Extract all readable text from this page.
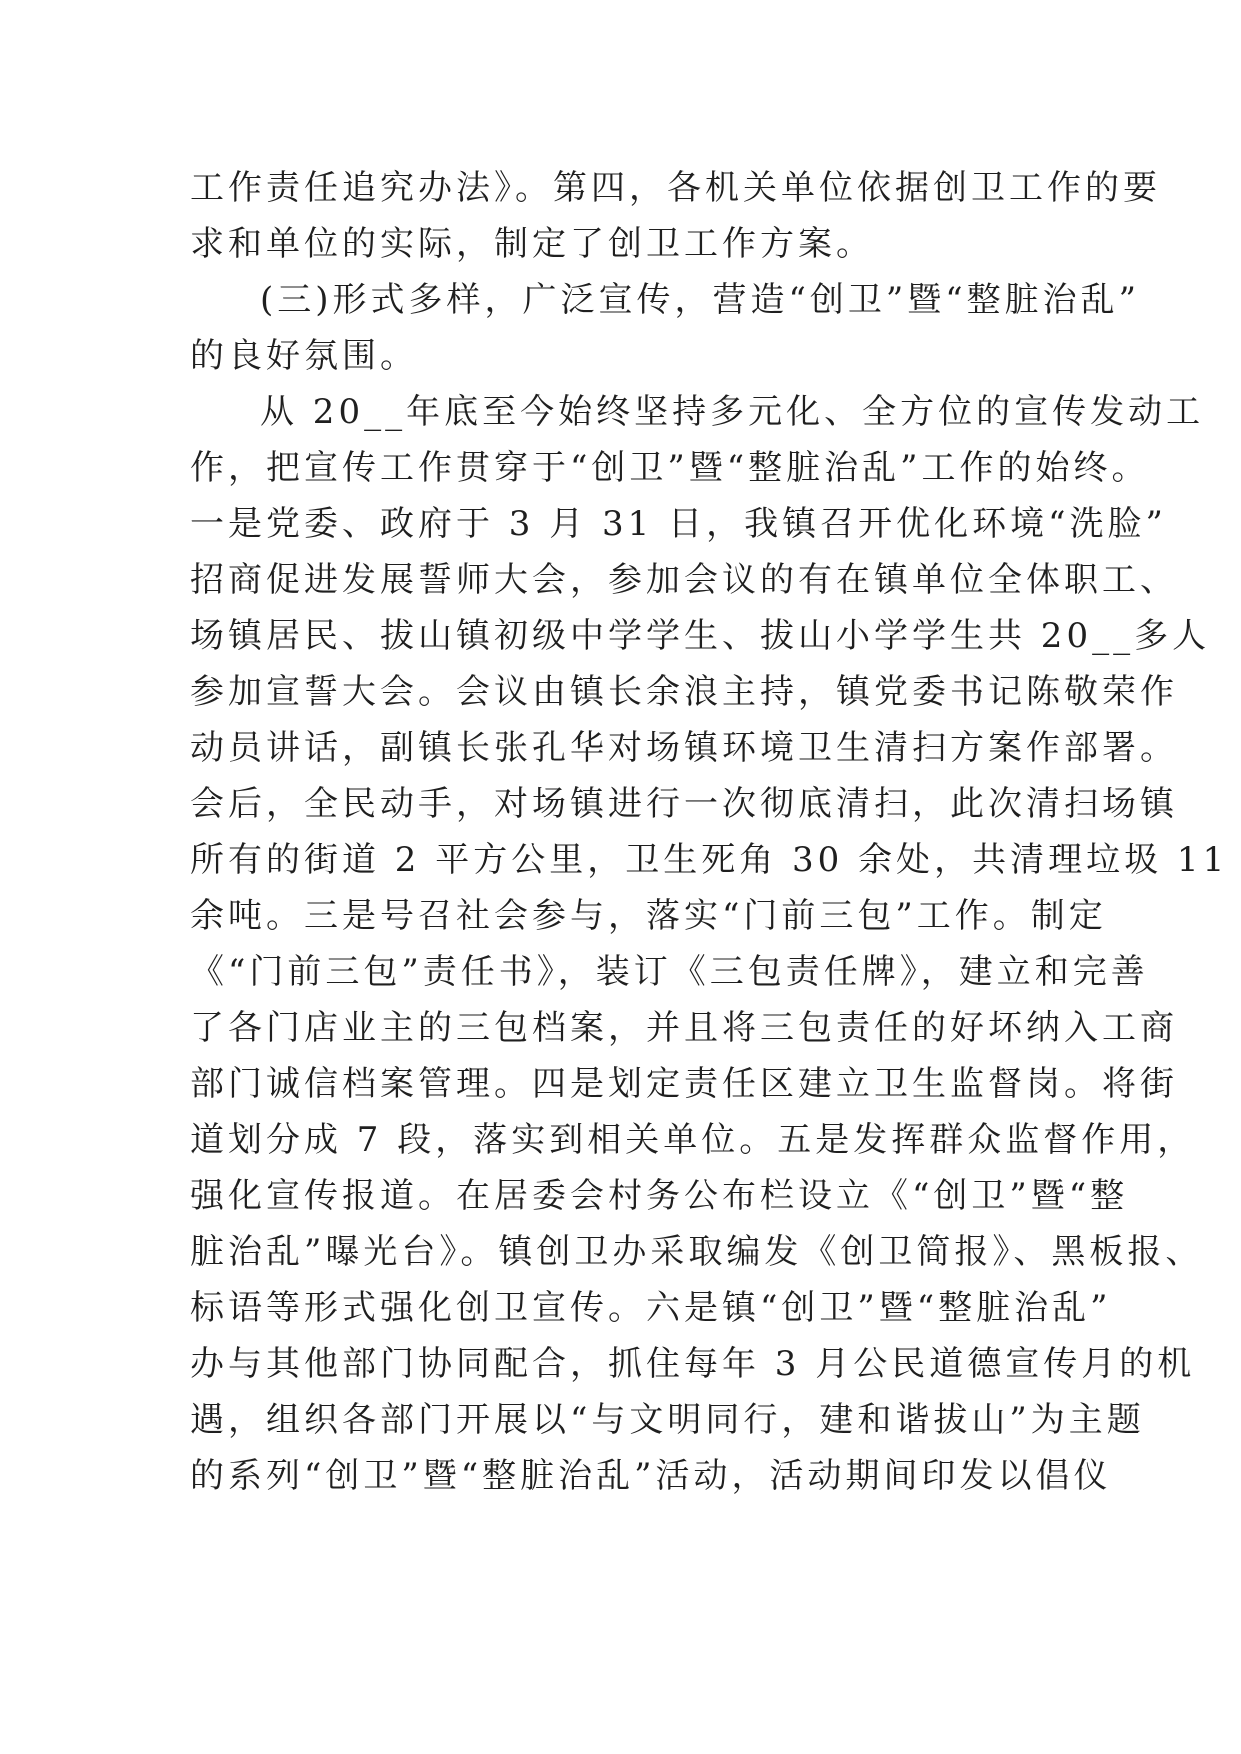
工作责任追究办法》。第四，各机关单位依据创卫工作的要
求和单位的实际，制定了创卫工作方案。
(三)形式多样，广泛宣传，营造“创卫”暨“整脏治乱”
的良好氛围。
从 20__年底至今始终坚持多元化、全方位的宣传发动工
作，把宣传工作贯穿于“创卫”暨“整脏治乱”工作的始终。
一是党委、政府于 3 月 31 日，我镇召开优化环境“洗脸”
招商促进发展誓师大会，参加会议的有在镇单位全体职工、
场镇居民、拔山镇初级中学学生、拔山小学学生共 20__多人
参加宣誓大会。会议由镇长余浪主持，镇党委书记陈敬荣作
动员讲话，副镇长张孔华对场镇环境卫生清扫方案作部署。
会后，全民动手，对场镇进行一次彻底清扫，此次清扫场镇
所有的街道 2 平方公里，卫生死角 30 余处，共清理垃圾 11
余吨。三是号召社会参与，落实“门前三包”工作。制定
《“门前三包”责任书》，装订《三包责任牌》，建立和完善
了各门店业主的三包档案，并且将三包责任的好坏纳入工商
部门诚信档案管理。四是划定责任区建立卫生监督岗。将街
道划分成 7 段，落实到相关单位。五是发挥群众监督作用，
强化宣传报道。在居委会村务公布栏设立《“创卫”暨“整
脏治乱”曝光台》。镇创卫办采取编发《创卫简报》、黑板报、
标语等形式强化创卫宣传。六是镇“创卫”暨“整脏治乱”
办与其他部门协同配合，抓住每年 3 月公民道德宣传月的机
遇，组织各部门开展以“与文明同行，建和谐拔山”为主题
的系列“创卫”暨“整脏治乱”活动，活动期间印发以倡仪
